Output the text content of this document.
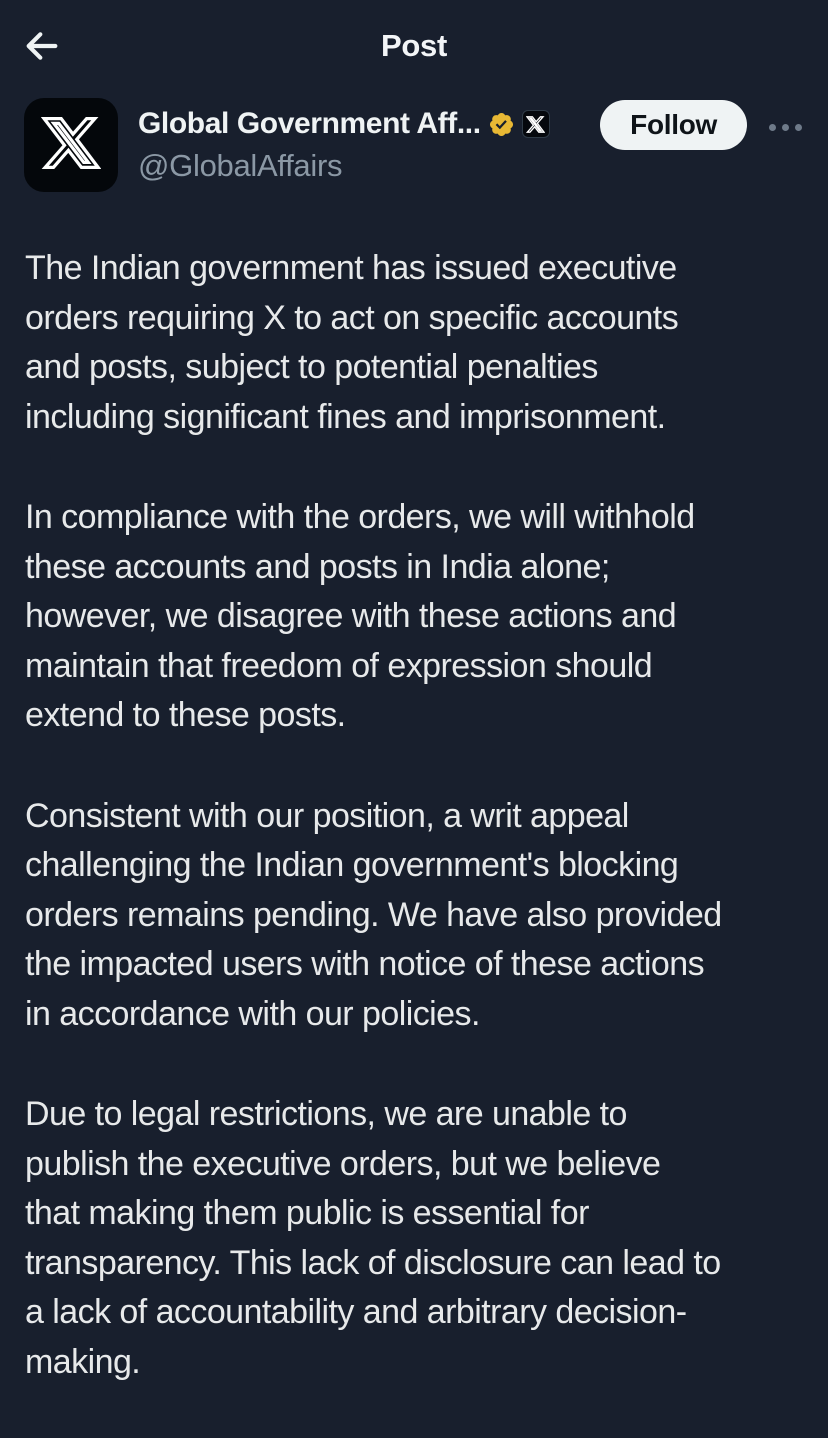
Post
Global Government Aff...
@GlobalAffairs
Follow

The Indian government has issued executive
orders requiring X to act on specific accounts
and posts, subject to potential penalties
including significant fines and imprisonment.

In compliance with the orders, we will withhold
these accounts and posts in India alone;
however, we disagree with these actions and
maintain that freedom of expression should
extend to these posts.

Consistent with our position, a writ appeal
challenging the Indian government's blocking
orders remains pending. We have also provided
the impacted users with notice of these actions
in accordance with our policies.

Due to legal restrictions, we are unable to
publish the executive orders, but we believe
that making them public is essential for
transparency. This lack of disclosure can lead to
a lack of accountability and arbitrary decision-
making.
